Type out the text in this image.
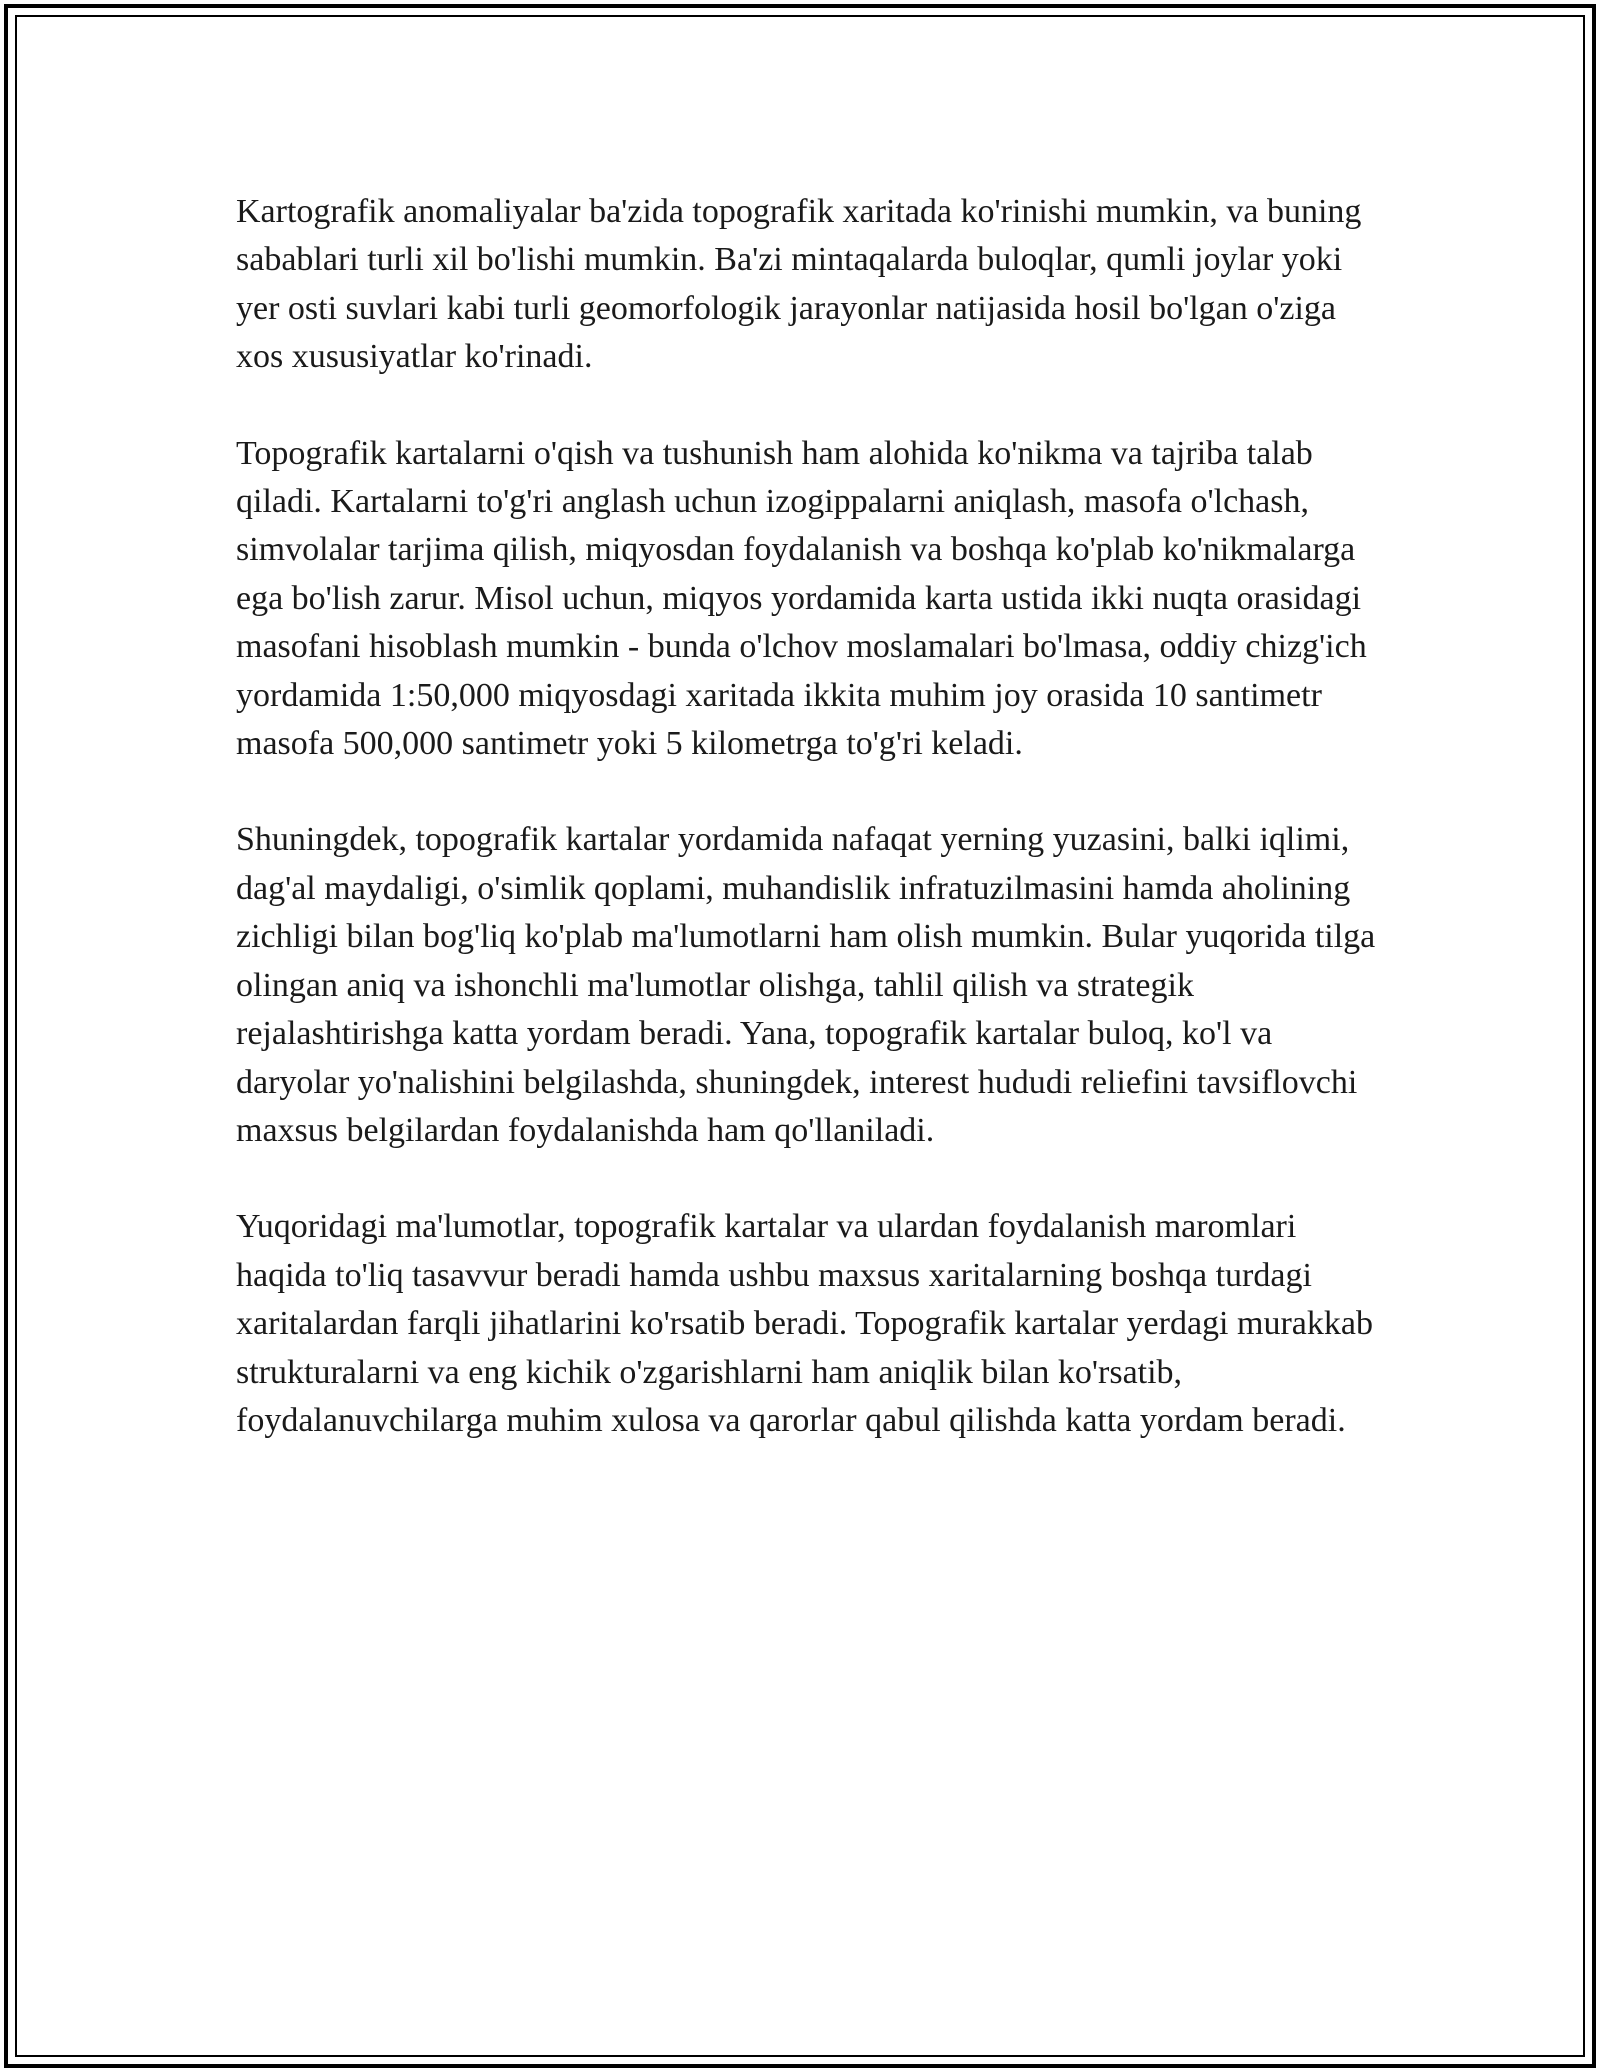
Kartografik anomaliyalar ba'zida topografik xaritada ko'rinishi mumkin, va buning sabablari turli xil bo'lishi mumkin. Ba'zi mintaqalarda buloqlar, qumli joylar yoki yer osti suvlari kabi turli geomorfologik jarayonlar natijasida hosil bo'lgan o'ziga xos xususiyatlar ko'rinadi.

Topografik kartalarni o'qish va tushunish ham alohida ko'nikma va tajriba talab qiladi. Kartalarni to'g'ri anglash uchun izogippalarni aniqlash, masofa o'lchash, simvolalar tarjima qilish, miqyosdan foydalanish va boshqa ko'plab ko'nikmalarga ega bo'lish zarur. Misol uchun, miqyos yordamida karta ustida ikki nuqta orasidagi masofani hisoblash mumkin - bunda o'lchov moslamalari bo'lmasa, oddiy chizg'ich yordamida 1:50,000 miqyosdagi xaritada ikkita muhim joy orasida 10 santimetr masofa 500,000 santimetr yoki 5 kilometrga to'g'ri keladi.

Shuningdek, topografik kartalar yordamida nafaqat yerning yuzasini, balki iqlimi, dag'al maydaligi, o'simlik qoplami, muhandislik infratuzilmasini hamda aholining zichligi bilan bog'liq ko'plab ma'lumotlarni ham olish mumkin. Bular yuqorida tilga olingan aniq va ishonchli ma'lumotlar olishga, tahlil qilish va strategik rejalashtirishga katta yordam beradi. Yana, topografik kartalar buloq, ko'l va daryolar yo'nalishini belgilashda, shuningdek, interest hududi reliefini tavsiflovchi maxsus belgilardan foydalanishda ham qo'llaniladi.

Yuqoridagi ma'lumotlar, topografik kartalar va ulardan foydalanish maromlari haqida to'liq tasavvur beradi hamda ushbu maxsus xaritalarning boshqa turdagi xaritalardan farqli jihatlarini ko'rsatib beradi. Topografik kartalar yerdagi murakkab strukturalarni va eng kichik o'zgarishlarni ham aniqlik bilan ko'rsatib, foydalanuvchilarga muhim xulosa va qarorlar qabul qilishda katta yordam beradi.
